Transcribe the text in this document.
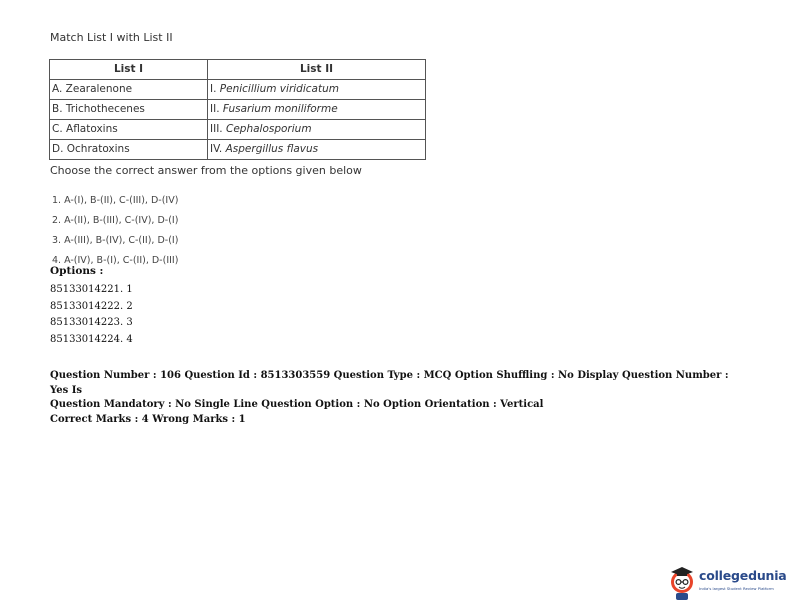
Match List I with List II
List I	List II
A. Zearalenone	I. Penicillium viridicatum
B. Trichothecenes	II. Fusarium moniliforme
C. Aflatoxins	III. Cephalosporium
D. Ochratoxins	IV. Aspergillus flavus
Choose the correct answer from the options given below
1. A-(I), B-(II), C-(III), D-(IV)
2. A-(II), B-(III), C-(IV), D-(I)
3. A-(III), B-(IV), C-(II), D-(I)
4. A-(IV), B-(I), C-(II), D-(III)
Options :
85133014221. 1
85133014222. 2
85133014223. 3
85133014224. 4
Question Number : 106 Question Id : 8513303559 Question Type : MCQ Option Shuffling : No Display Question Number : Yes Is
Question Mandatory : No Single Line Question Option : No Option Orientation : Vertical
Correct Marks : 4 Wrong Marks : 1
collegedunia
India's largest Student Review Platform
